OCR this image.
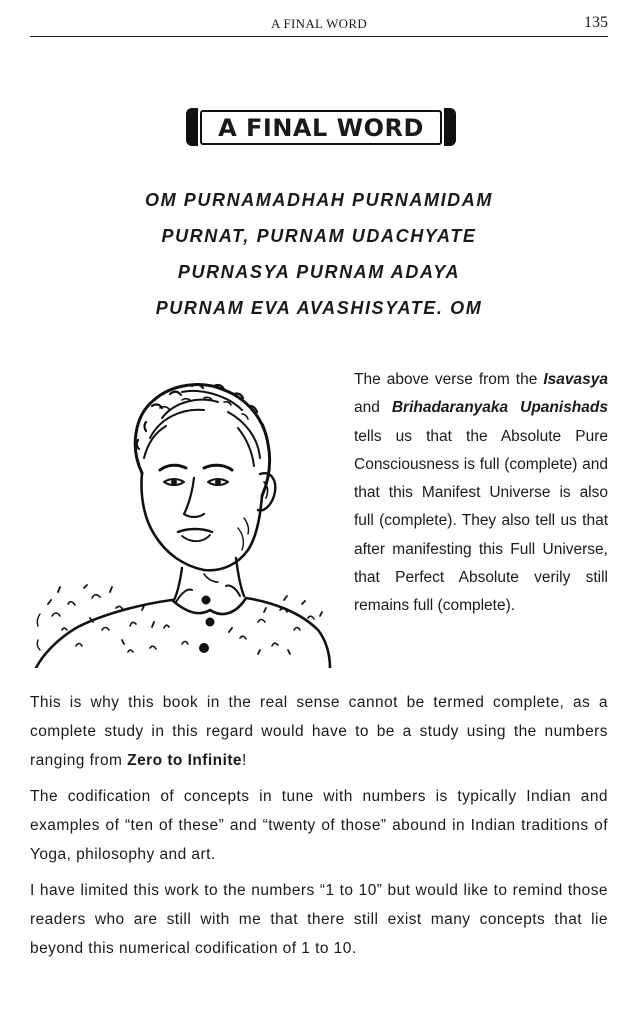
A FINAL WORD	135
A FINAL WORD
OM PURNAMADHAH PURNAMIDAM
PURNAT, PURNAM UDACHYATE
PURNASYA PURNAM ADAYA
PURNAM EVA AVASHISYATE. OM
The above verse from the Isavasya and Brihadaranyaka Upanishads tells us that the Absolute Pure Consciousness is full (complete) and that this Manifest Universe is also full (complete). They also tell us that after manifesting this Full Universe, that Perfect Absolute verily still remains full (complete).

This is why this book in the real sense cannot be termed complete, as a complete study in this regard would have to be a study using the numbers ranging from Zero to Infinite!

The codification of concepts in tune with numbers is typically Indian and examples of “ten of these” and “twenty of those” abound in Indian traditions of Yoga, philosophy and art.

I have limited this work to the numbers “1 to 10” but would like to remind those readers who are still with me that there still exist many concepts that lie beyond this numerical codification of 1 to 10.
